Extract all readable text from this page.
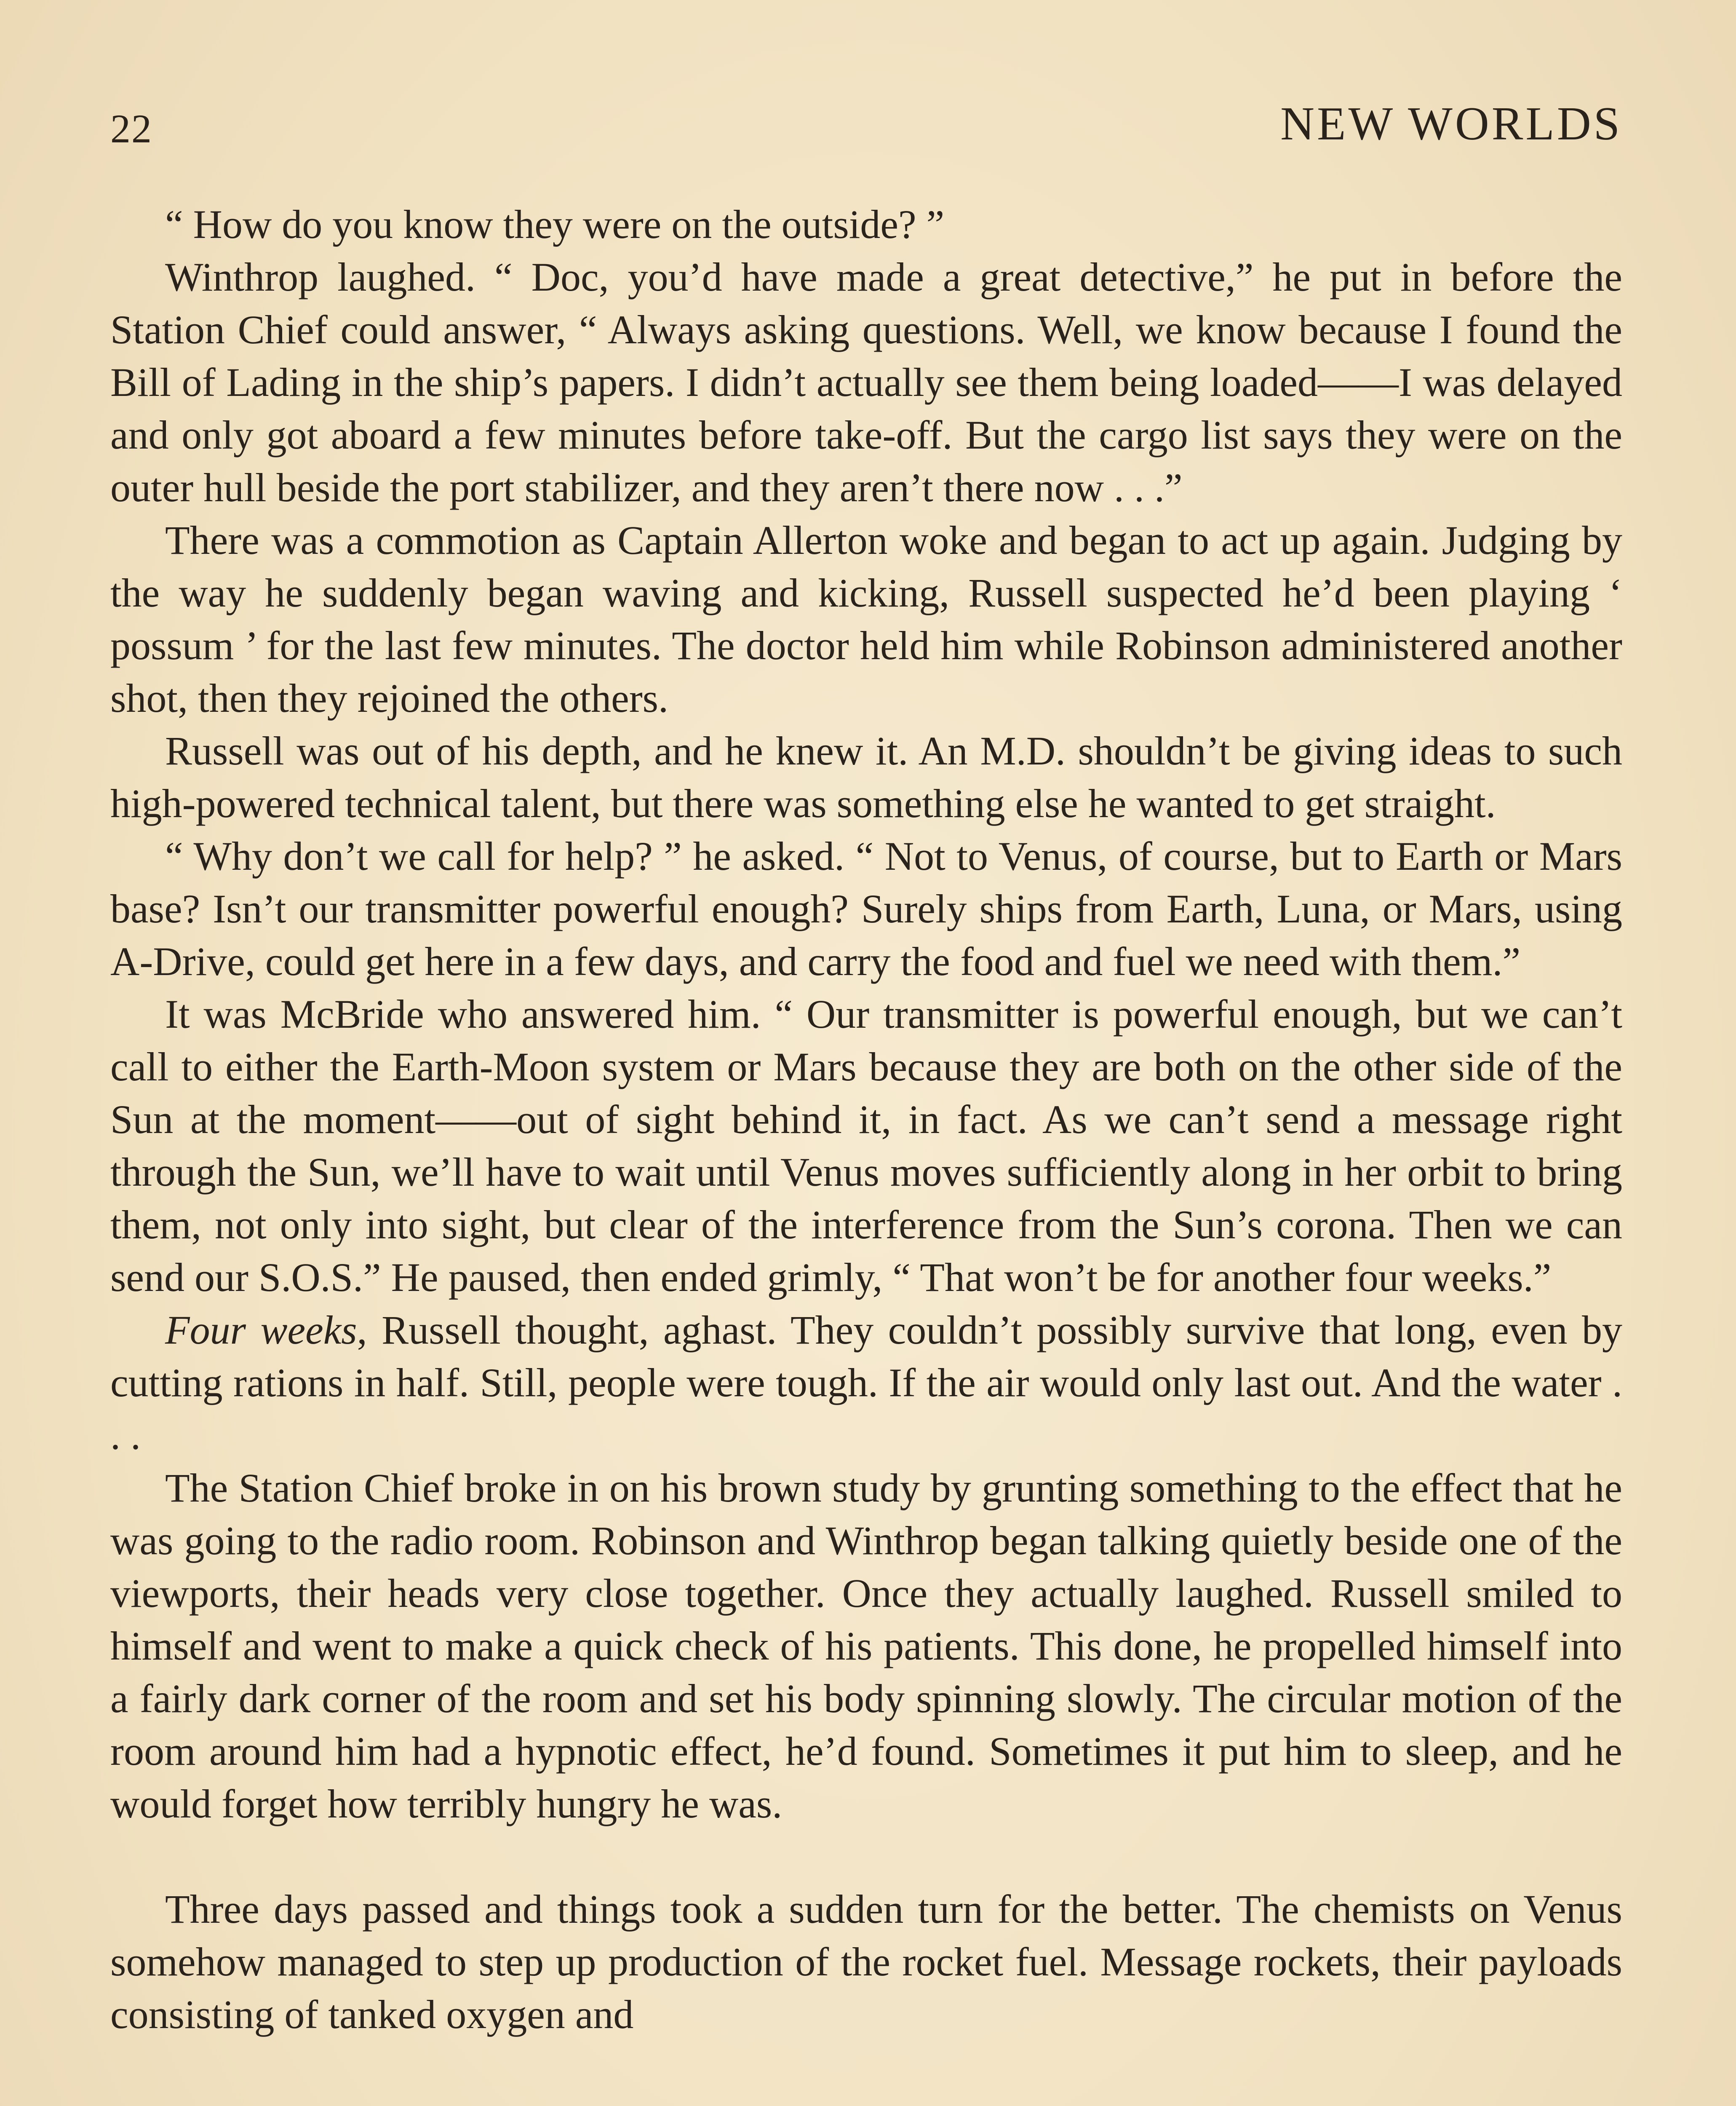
22	NEW WORLDS

“ How do you know they were on the outside? ”

Winthrop laughed. “ Doc, you’d have made a great detective,” he put in before the Station Chief could answer, “ Always asking questions. Well, we know because I found the Bill of Lading in the ship’s papers. I didn’t actually see them being loaded——I was delayed and only got aboard a few minutes before take-off. But the cargo list says they were on the outer hull beside the port stabilizer, and they aren’t there now . . .”

There was a commotion as Captain Allerton woke and began to act up again. Judging by the way he suddenly began waving and kicking, Russell suspected he’d been playing ‘ possum ’ for the last few minutes. The doctor held him while Robinson administered another shot, then they rejoined the others.

Russell was out of his depth, and he knew it. An M.D. shouldn’t be giving ideas to such high-powered technical talent, but there was something else he wanted to get straight.

“ Why don’t we call for help? ” he asked. “ Not to Venus, of course, but to Earth or Mars base? Isn’t our transmitter powerful enough? Surely ships from Earth, Luna, or Mars, using A-Drive, could get here in a few days, and carry the food and fuel we need with them.”

It was McBride who answered him. “ Our transmitter is powerful enough, but we can’t call to either the Earth-Moon system or Mars because they are both on the other side of the Sun at the moment——out of sight behind it, in fact. As we can’t send a message right through the Sun, we’ll have to wait until Venus moves sufficiently along in her orbit to bring them, not only into sight, but clear of the interference from the Sun’s corona. Then we can send our S.O.S.” He paused, then ended grimly, “ That won’t be for another four weeks.”

Four weeks, Russell thought, aghast. They couldn’t possibly survive that long, even by cutting rations in half. Still, people were tough. If the air would only last out. And the water . . .

The Station Chief broke in on his brown study by grunting something to the effect that he was going to the radio room. Robinson and Winthrop began talking quietly beside one of the viewports, their heads very close together. Once they actually laughed. Russell smiled to himself and went to make a quick check of his patients. This done, he propelled himself into a fairly dark corner of the room and set his body spinning slowly. The circular motion of the room around him had a hypnotic effect, he’d found. Sometimes it put him to sleep, and he would forget how terribly hungry he was.

Three days passed and things took a sudden turn for the better. The chemists on Venus somehow managed to step up production of the rocket fuel. Message rockets, their payloads consisting of tanked oxygen and
